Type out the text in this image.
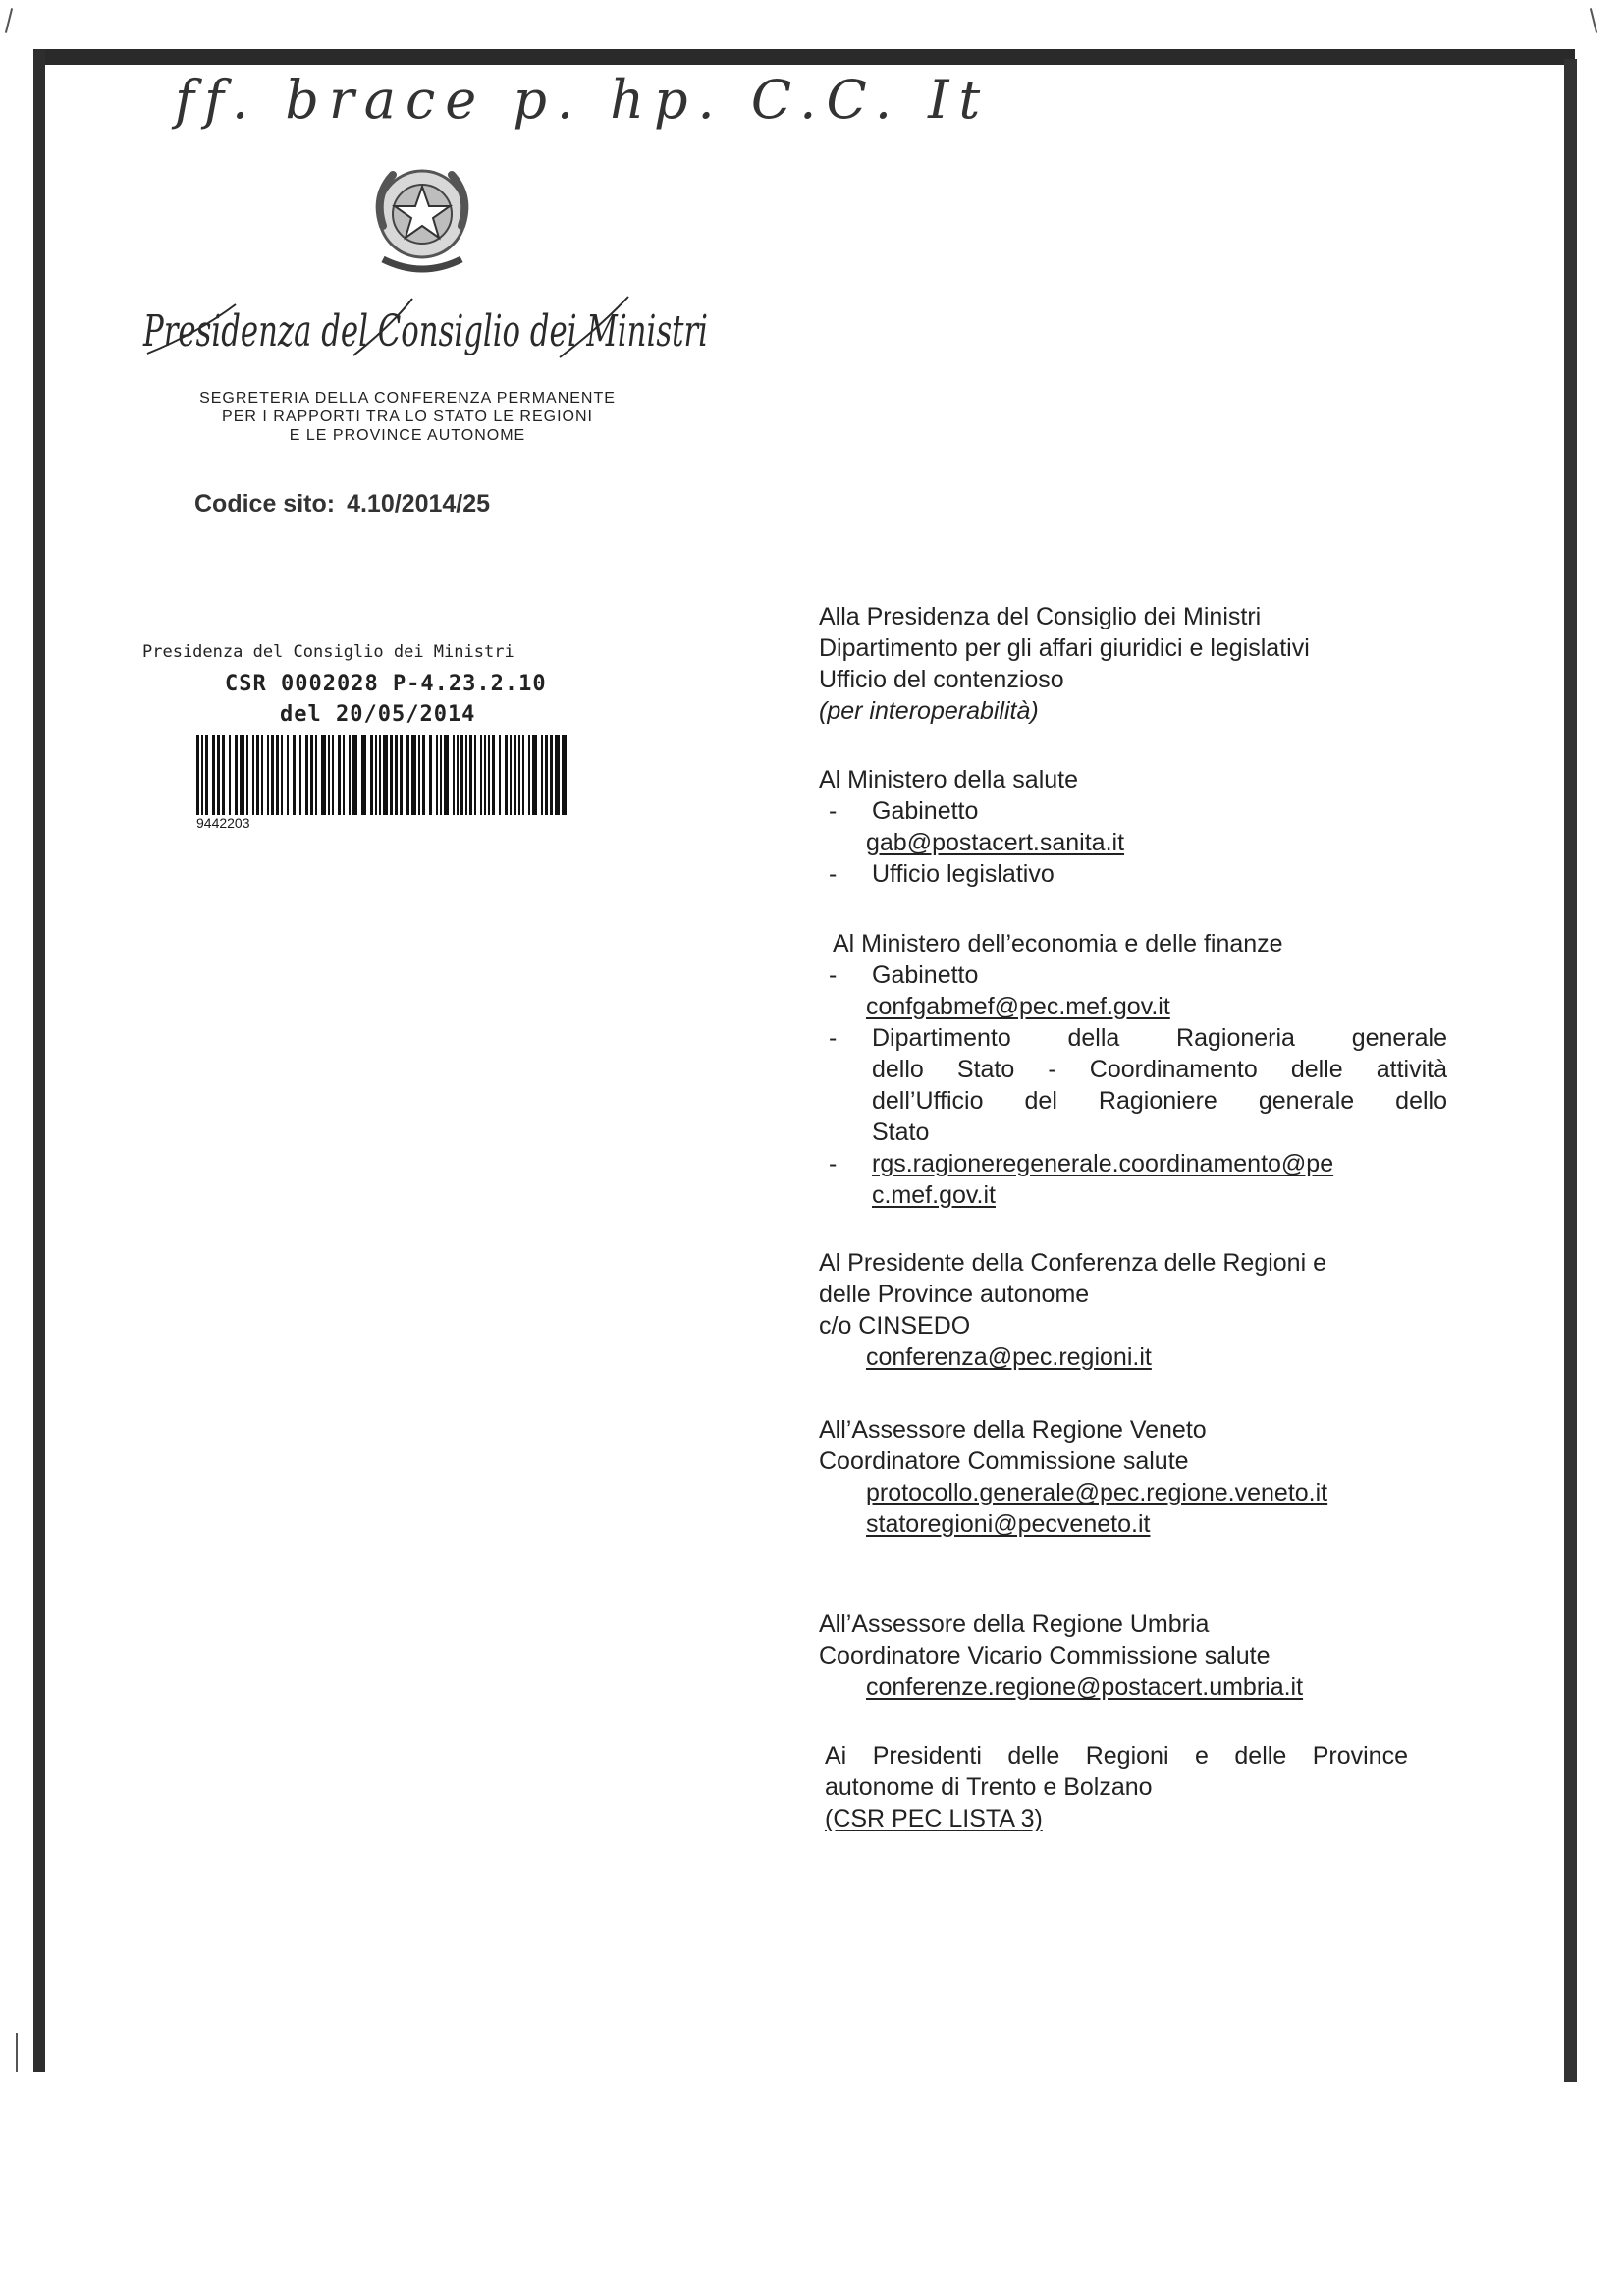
ff. brace p. hp. C.C. It
Presidenza del Consiglio dei Ministri
SEGRETERIA DELLA CONFERENZA PERMANENTE
PER I RAPPORTI TRA LO STATO LE REGIONI
E LE PROVINCE AUTONOME
Codice sito: 4.10/2014/25
Presidenza del Consiglio dei Ministri
CSR 0002028 P-4.23.2.10
del 20/05/2014
9442203
Alla Presidenza del Consiglio dei Ministri
Dipartimento per gli affari giuridici e legislativi
Ufficio del contenzioso
(per interoperabilità)
Al Ministero della salute
-	Gabinetto
gab@postacert.sanita.it
-	Ufficio legislativo
Al Ministero dell’economia e delle finanze
-	Gabinetto
confgabmef@pec.mef.gov.it
-	Dipartimento della Ragioneria generale
dello Stato - Coordinamento delle attività
dell’Ufficio del Ragioniere generale dello
Stato
-	rgs.ragioneregenerale.coordinamento@pe
c.mef.gov.it
Al Presidente della Conferenza delle Regioni e
delle Province autonome
c/o CINSEDO
conferenza@pec.regioni.it
All’Assessore della Regione Veneto
Coordinatore Commissione salute
protocollo.generale@pec.regione.veneto.it
statoregioni@pecveneto.it
All’Assessore della Regione Umbria
Coordinatore Vicario Commissione salute
conferenze.regione@postacert.umbria.it
Ai Presidenti delle Regioni e delle Province
autonome di Trento e Bolzano
(CSR PEC LISTA 3)
